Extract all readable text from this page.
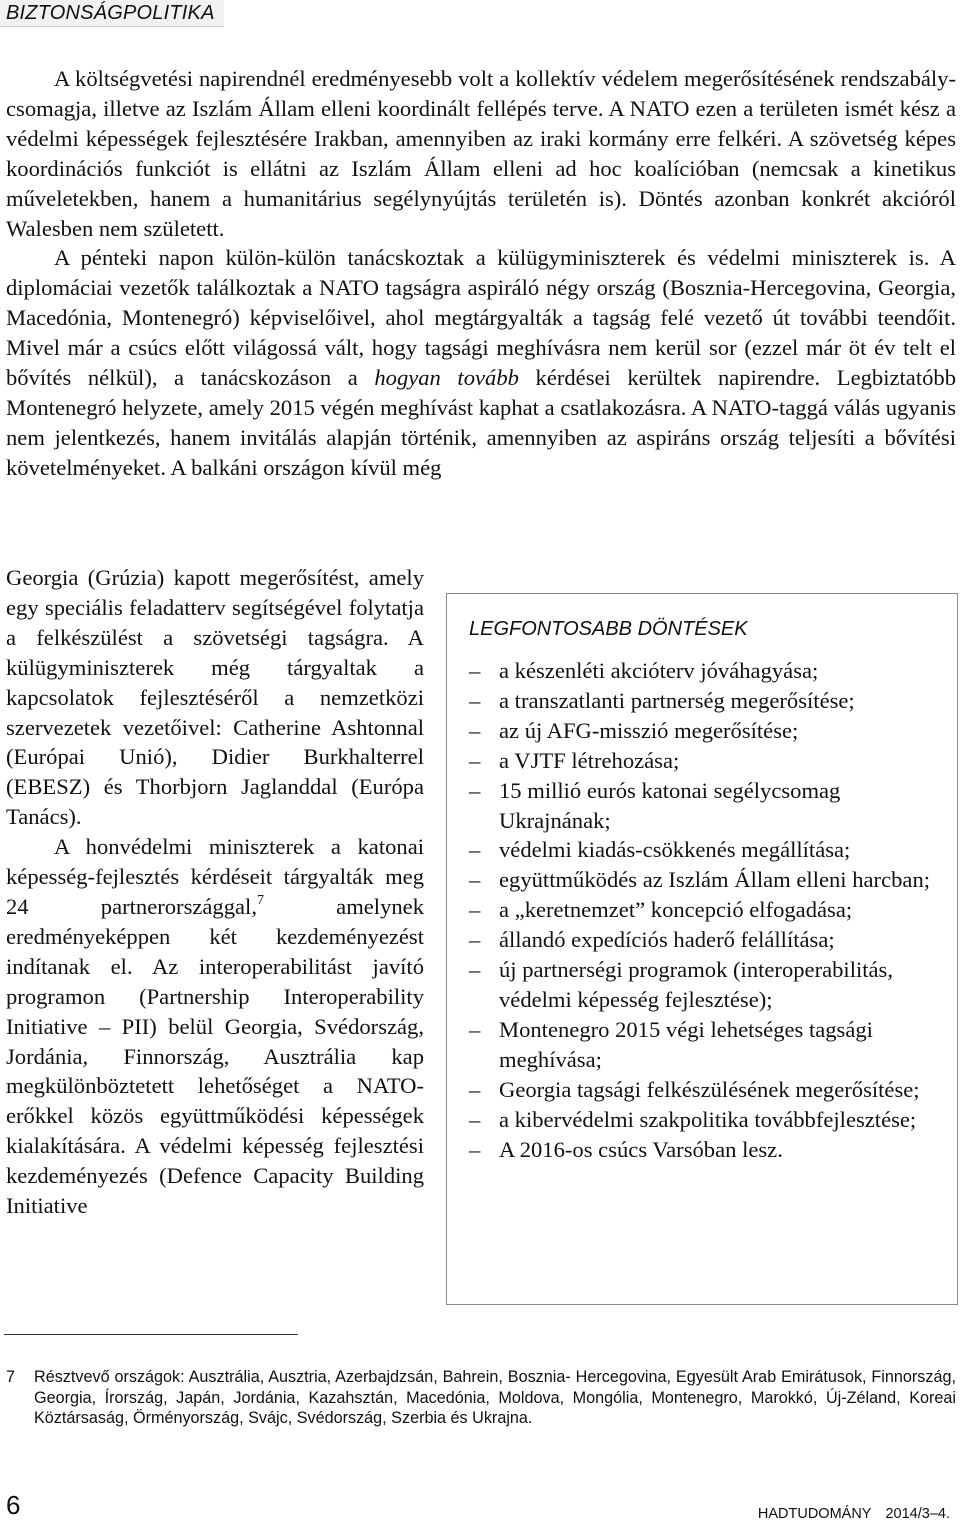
BIZTONSÁGPOLITIKA

A költségvetési napirendnél eredményesebb volt a kollektív védelem megerősítésének rendszabály-csomagja, illetve az Iszlám Állam elleni koordinált fellépés terve. A NATO ezen a területen ismét kész a védelmi képességek fejlesztésére Irakban, amennyiben az iraki kormány erre felkéri. A szövetség képes koordinációs funkciót is ellátni az Iszlám Állam elleni ad hoc koalícióban (nemcsak a kinetikus műveletekben, hanem a humanitárius segélynyújtás területén is). Döntés azonban konkrét akcióról Walesben nem született.

A pénteki napon külön-külön tanácskoztak a külügyminiszterek és védelmi miniszterek is. A diplomáciai vezetők találkoztak a NATO tagságra aspiráló négy ország (Bosznia-Hercegovina, Georgia, Macedónia, Montenegró) képviselőivel, ahol megtárgyalták a tagság felé vezető út további teendőit. Mivel már a csúcs előtt világossá vált, hogy tagsági meghívásra nem kerül sor (ezzel már öt év telt el bővítés nélkül), a tanácskozáson a hogyan tovább kérdései kerültek napirendre. Legbiztatóbb Montenegró helyzete, amely 2015 végén meghívást kaphat a csatlakozásra. A NATO-taggá válás ugyanis nem jelentkezés, hanem invitálás alapján történik, amennyiben az aspiráns ország teljesíti a bővítési követelményeket. A balkáni országon kívül még

Georgia (Grúzia) kapott megerősítést, amely egy speciális feladatterv segítségével folytatja a felkészülést a szövetségi tagságra. A külügyminiszterek még tárgyaltak a kapcsolatok fejlesztéséről a nemzetközi szervezetek vezetőivel: Catherine Ashtonnal (Európai Unió), Didier Burkhalterrel (EBESZ) és Thorbjorn Jaglanddal (Európa Tanács).

A honvédelmi miniszterek a katonai képesség-fejlesztés kérdéseit tárgyalták meg 24 partnerországgal,$^7$	amelynek eredményeképpen két kezdeményezést indítanak el. Az interoperabilitást javító programon (Partnership Interoperability Initiative – PII) belül Georgia, Svédország, Jordánia, Finnország, Ausztrália kap megkülönböztetett lehetőséget a NATO-erőkkel közös együttműködési képességek kialakítására. A védelmi képesség fejlesztési kezdeményezés (Defence Capacity Building Initiative

LEGFONTOSABB DÖNTÉSEK
– a készenléti akcióterv jóváhagyása;
– a transzatlanti partnerség megerősítése;
– az új AFG-misszió megerősítése;
– a VJTF létrehozása;
– 15 millió eurós katonai segélycsomag Ukrajnának;
– védelmi kiadás-csökkenés megállítása;
– együttműködés az Iszlám Állam elleni harcban;
– a „keretnemzet” koncepció elfogadása;
– állandó expedíciós haderő felállítása;
– új partnerségi programok (interoperabilitás, védelmi képesség fejlesztése);
– Montenegro 2015 végi lehetséges tagsági meghívása;
– Georgia tagsági felkészülésének megerősítése;
– a kibervédelmi szakpolitika továbbfejlesztése;
– A 2016-os csúcs Varsóban lesz.
7 Résztvevő országok: Ausztrália, Ausztria, Azerbajdzsán, Bahrein, Bosznia- Hercegovina, Egyesült Arab Emirátusok, Finnország, Georgia, Írország, Japán, Jordánia, Kazahsztán, Macedónia, Moldova, Mongólia, Montenegro, Marokkó, Új-Zéland, Koreai Köztársaság, Örményország, Svájc, Svédország, Szerbia és Ukrajna.
6	HADTUDOMÁNY 2014/3–4.
